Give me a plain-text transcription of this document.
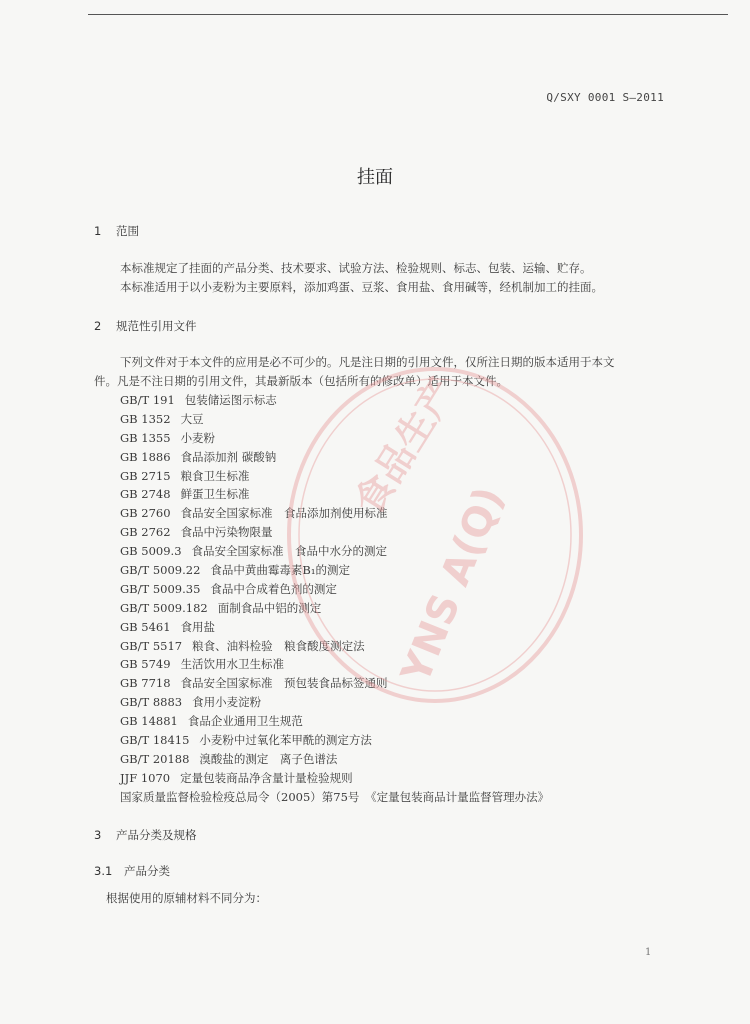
Q/SXY 0001 S—2011
挂面
1 范围
本标准规定了挂面的产品分类、技术要求、试验方法、检验规则、标志、包装、运输、贮存。
本标准适用于以小麦粉为主要原料，添加鸡蛋、豆浆、食用盐、食用碱等，经机制加工的挂面。
2 规范性引用文件
下列文件对于本文件的应用是必不可少的。凡是注日期的引用文件，仅所注日期的版本适用于本文
件。凡是不注日期的引用文件，其最新版本（包括所有的修改单）适用于本文件。
GB/T 191 包装储运图示标志
GB 1352 大豆
GB 1355 小麦粉
GB 1886 食品添加剂 碳酸钠
GB 2715 粮食卫生标准
GB 2748 鲜蛋卫生标准
GB 2760 食品安全国家标准　食品添加剂使用标准
GB 2762 食品中污染物限量
GB 5009.3 食品安全国家标准　食品中水分的测定
GB/T 5009.22 食品中黄曲霉毒素B₁的测定
GB/T 5009.35 食品中合成着色剂的测定
GB/T 5009.182 面制食品中铝的测定
GB 5461 食用盐
GB/T 5517 粮食、油料检验　粮食酸度测定法
GB 5749 生活饮用水卫生标准
GB 7718 食品安全国家标准　预包装食品标签通则
GB/T 8883 食用小麦淀粉
GB 14881 食品企业通用卫生规范
GB/T 18415 小麦粉中过氧化苯甲酰的测定方法
GB/T 20188 溴酸盐的测定　离子色谱法
JJF 1070 定量包装商品净含量计量检验规则
国家质量监督检验检疫总局令（2005）第75号　《定量包装商品计量监督管理办法》
3 产品分类及规格
3.1 产品分类
根据使用的原辅材料不同分为：
1
食品生产
YNS A(Q)
